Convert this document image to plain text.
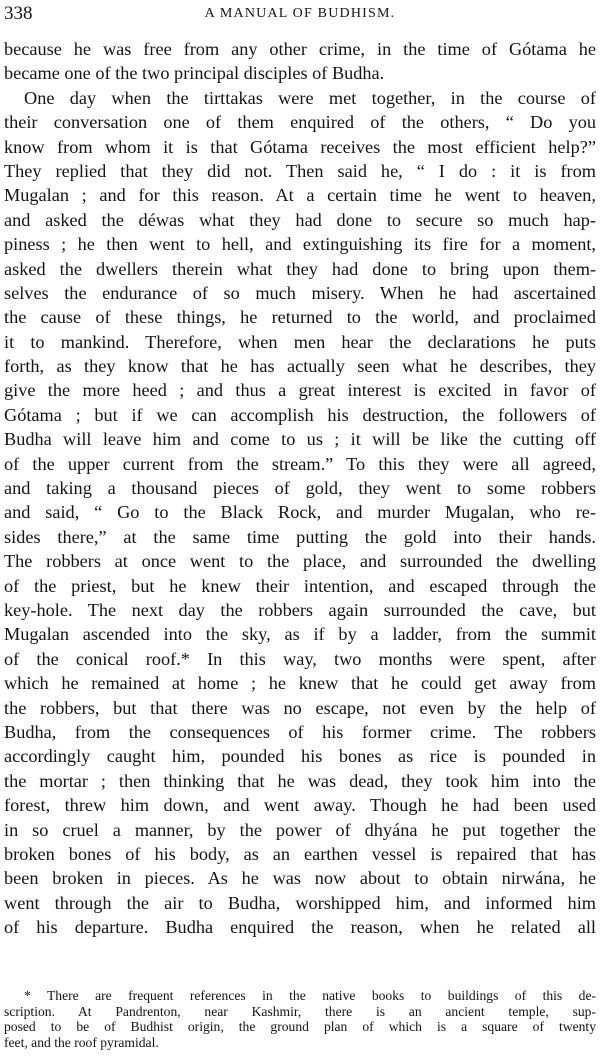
338	A MANUAL OF BUDHISM.
because he was free from any other crime, in the time of Gótama he
became one of the two principal disciples of Budha.
One day when the tirttakas were met together, in the course of
their conversation one of them enquired of the others, “ Do you
know from whom it is that Gótama receives the most efficient help?”
They replied that they did not. Then said he, “ I do : it is from
Mugalan ; and for this reason. At a certain time he went to heaven,
and asked the déwas what they had done to secure so much hap-
piness ; he then went to hell, and extinguishing its fire for a moment,
asked the dwellers therein what they had done to bring upon them-
selves the endurance of so much misery. When he had ascertained
the cause of these things, he returned to the world, and proclaimed
it to mankind. Therefore, when men hear the declarations he puts
forth, as they know that he has actually seen what he describes, they
give the more heed ; and thus a great interest is excited in favor of
Gótama ; but if we can accomplish his destruction, the followers of
Budha will leave him and come to us ; it will be like the cutting off
of the upper current from the stream.” To this they were all agreed,
and taking a thousand pieces of gold, they went to some robbers
and said, “ Go to the Black Rock, and murder Mugalan, who re-
sides there,” at the same time putting the gold into their hands.
The robbers at once went to the place, and surrounded the dwelling
of the priest, but he knew their intention, and escaped through the
key-hole. The next day the robbers again surrounded the cave, but
Mugalan ascended into the sky, as if by a ladder, from the summit
of the conical roof.* In this way, two months were spent, after
which he remained at home ; he knew that he could get away from
the robbers, but that there was no escape, not even by the help of
Budha, from the consequences of his former crime. The robbers
accordingly caught him, pounded his bones as rice is pounded in
the mortar ; then thinking that he was dead, they took him into the
forest, threw him down, and went away. Though he had been used
in so cruel a manner, by the power of dhyána he put together the
broken bones of his body, as an earthen vessel is repaired that has
been broken in pieces. As he was now about to obtain nirwána, he
went through the air to Budha, worshipped him, and informed him
of his departure. Budha enquired the reason, when he related all
* There are frequent references in the native books to buildings of this de-
scription. At Pandrenton, near Kashmir, there is an ancient temple, sup-
posed to be of Budhist origin, the ground plan of which is a square of twenty
feet, and the roof pyramidal.
